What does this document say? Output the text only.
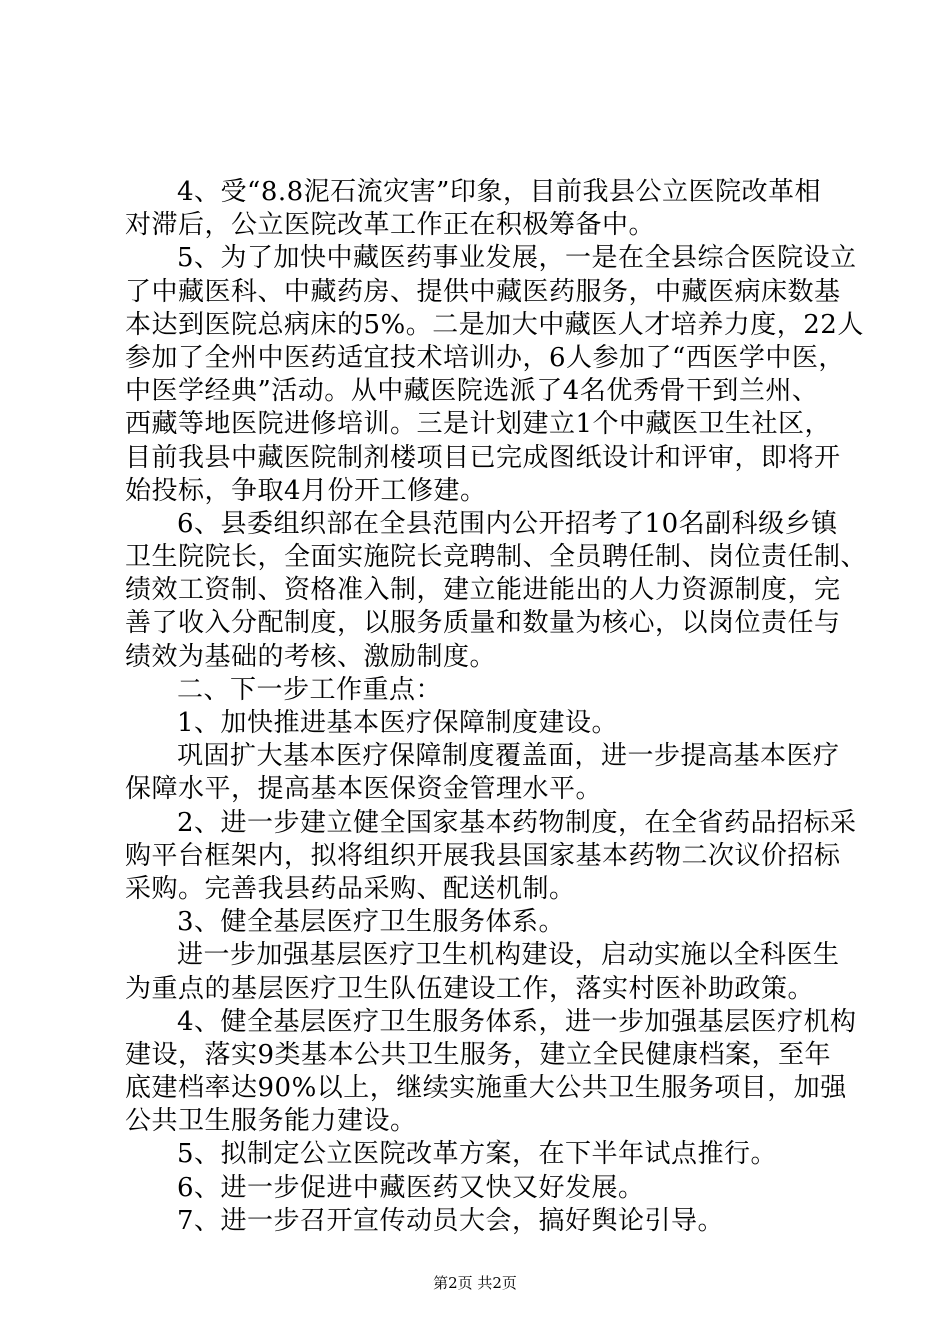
4、受“8.8泥石流灾害”印象，目前我县公立医院改革相
对滞后，公立医院改革工作正在积极筹备中。
5、为了加快中藏医药事业发展，一是在全县综合医院设立
了中藏医科、中藏药房、提供中藏医药服务，中藏医病床数基
本达到医院总病床的5%。二是加大中藏医人才培养力度，22人
参加了全州中医药适宜技术培训办，6人参加了“西医学中医，
中医学经典”活动。从中藏医院选派了4名优秀骨干到兰州、
西藏等地医院进修培训。三是计划建立1个中藏医卫生社区，
目前我县中藏医院制剂楼项目已完成图纸设计和评审，即将开
始投标，争取4月份开工修建。
6、县委组织部在全县范围内公开招考了10名副科级乡镇
卫生院院长，全面实施院长竞聘制、全员聘任制、岗位责任制、
绩效工资制、资格准入制，建立能进能出的人力资源制度，完
善了收入分配制度，以服务质量和数量为核心，以岗位责任与
绩效为基础的考核、激励制度。
二、下一步工作重点：
1、加快推进基本医疗保障制度建设。
巩固扩大基本医疗保障制度覆盖面，进一步提高基本医疗
保障水平，提高基本医保资金管理水平。
2、进一步建立健全国家基本药物制度，在全省药品招标采
购平台框架内，拟将组织开展我县国家基本药物二次议价招标
采购。完善我县药品采购、配送机制。
3、健全基层医疗卫生服务体系。
进一步加强基层医疗卫生机构建设，启动实施以全科医生
为重点的基层医疗卫生队伍建设工作，落实村医补助政策。
4、健全基层医疗卫生服务体系，进一步加强基层医疗机构
建设，落实9类基本公共卫生服务，建立全民健康档案，至年
底建档率达90%以上，继续实施重大公共卫生服务项目，加强
公共卫生服务能力建设。
5、拟制定公立医院改革方案，在下半年试点推行。
6、进一步促进中藏医药又快又好发展。
7、进一步召开宣传动员大会，搞好舆论引导。
第2页 共2页
